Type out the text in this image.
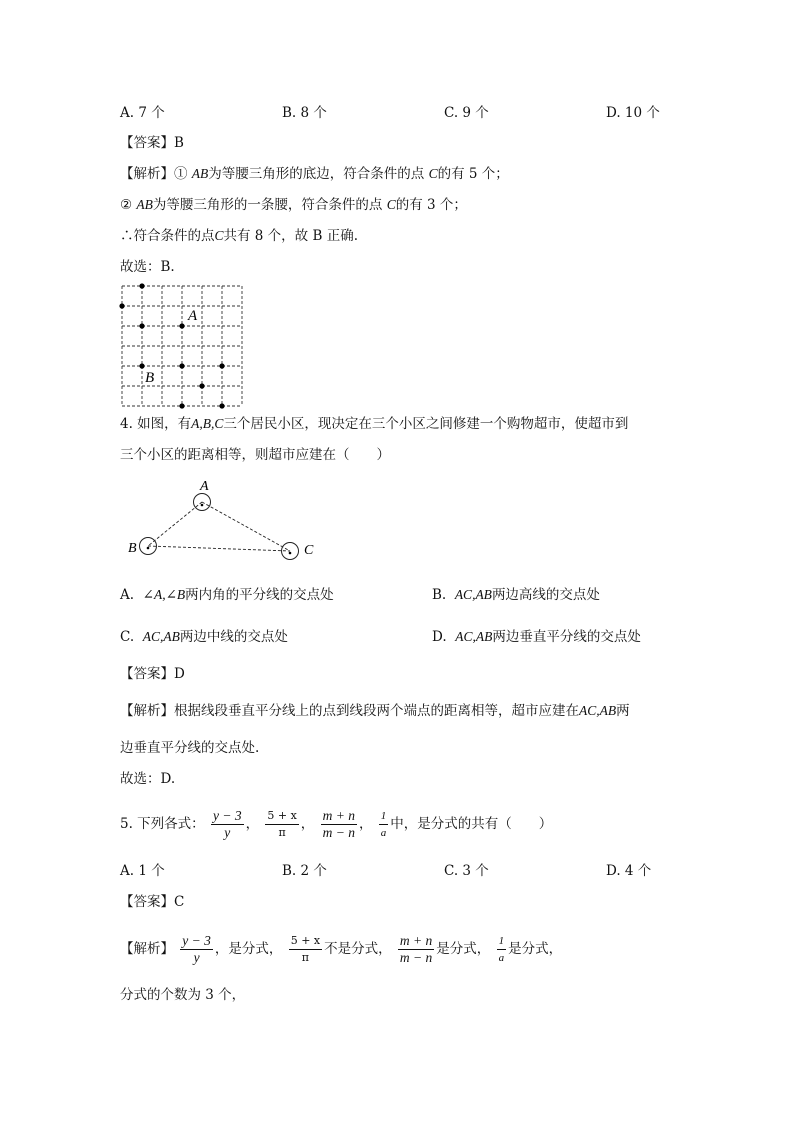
A. 7 个	B. 8 个	C. 9 个	D. 10 个
【答案】B
【解析】① AB为等腰三角形的底边，符合条件的点 C的有 5 个；
② AB为等腰三角形的一条腰，符合条件的点 C的有 3 个；
∴符合条件的点C共有 8 个，故 B 正确.
故选：B.
A
B
4. 如图，有A,B,C三个居民小区，现决定在三个小区之间修建一个购物超市，使超市到
三个小区的距离相等，则超市应建在（　　）
A
B	C
A. ∠A,∠B两内角的平分线的交点处	B. AC,AB两边高线的交点处
C. AC,AB两边中线的交点处	D. AC,AB两边垂直平分线的交点处
【答案】D
【解析】根据线段垂直平分线上的点到线段两个端点的距离相等，超市应建在AC,AB两
边垂直平分线的交点处.
故选：D.
5. 下列各式： $\frac{y - 3}{y}$ ， $\frac{5 + x}{\pi}$ ， $\frac{m + n}{m - n}$ ， $\frac{1}{a}$ 中，是分式的共有（　　）
A. 1 个	B. 2 个	C. 3 个	D. 4 个
【答案】C
【解析】 $\frac{y - 3}{y}$ ，是分式， $\frac{5 + x}{\pi}$ 不是分式， $\frac{m + n}{m - n}$ 是分式， $\frac{1}{a}$ 是分式，
分式的个数为 3 个，
